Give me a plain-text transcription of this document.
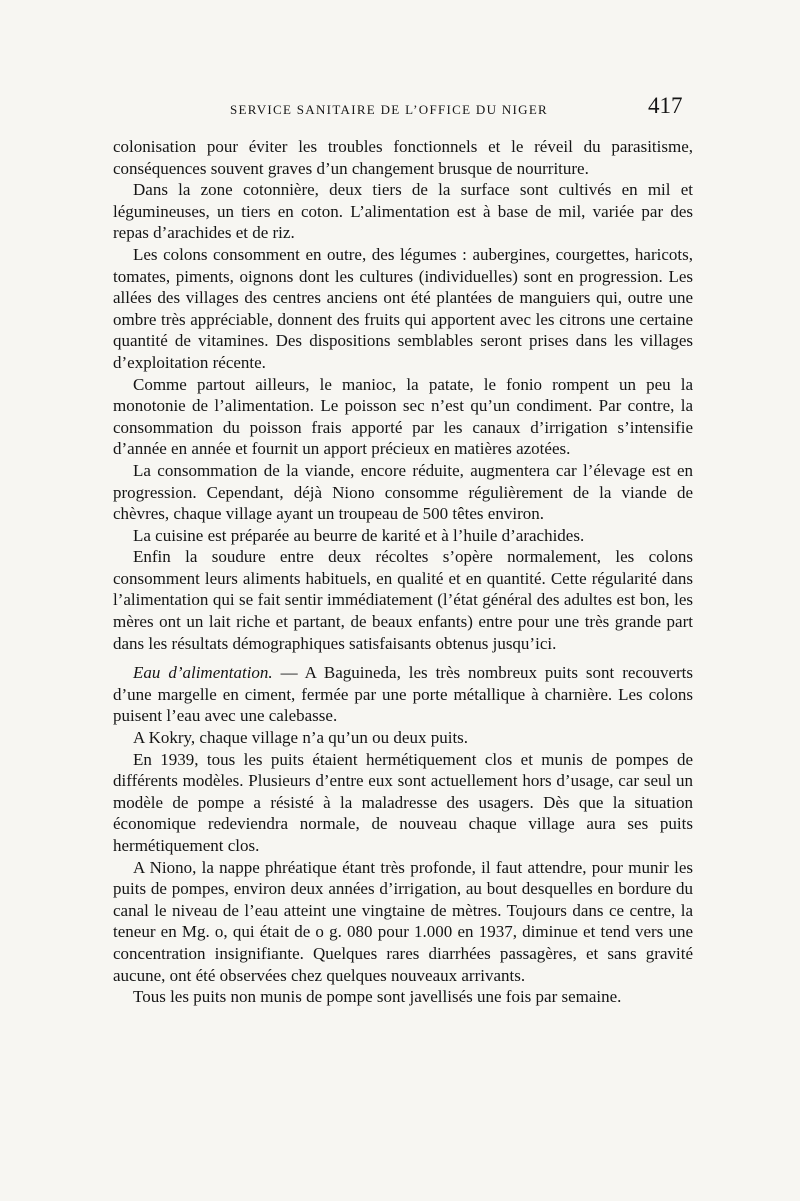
SERVICE SANITAIRE DE L’OFFICE DU NIGER	417

colonisation pour éviter les troubles fonctionnels et le réveil du parasitisme, conséquences souvent graves d’un changement brusque de nourriture.

Dans la zone cotonnière, deux tiers de la surface sont cultivés en mil et légumineuses, un tiers en coton. L’alimentation est à base de mil, variée par des repas d’arachides et de riz.

Les colons consomment en outre, des légumes : aubergines, courgettes, haricots, tomates, piments, oignons dont les cultures (individuelles) sont en progression. Les allées des villages des centres anciens ont été plantées de manguiers qui, outre une ombre très appréciable, donnent des fruits qui apportent avec les citrons une certaine quantité de vitamines. Des dispositions semblables seront prises dans les villages d’exploitation récente.

Comme partout ailleurs, le manioc, la patate, le fonio rompent un peu la monotonie de l’alimentation. Le poisson sec n’est qu’un condiment. Par contre, la consommation du poisson frais apporté par les canaux d’irrigation s’intensifie d’année en année et fournit un apport précieux en matières azotées.

La consommation de la viande, encore réduite, augmentera car l’élevage est en progression. Cependant, déjà Niono consomme régulièrement de la viande de chèvres, chaque village ayant un troupeau de 500 têtes environ.

La cuisine est préparée au beurre de karité et à l’huile d’arachides.

Enfin la soudure entre deux récoltes s’opère normalement, les colons consomment leurs aliments habituels, en qualité et en quantité. Cette régularité dans l’alimentation qui se fait sentir immédiatement (l’état général des adultes est bon, les mères ont un lait riche et partant, de beaux enfants) entre pour une très grande part dans les résultats démographiques satisfaisants obtenus jusqu’ici.

Eau d’alimentation. — A Baguineda, les très nombreux puits sont recouverts d’une margelle en ciment, fermée par une porte métallique à charnière. Les colons puisent l’eau avec une calebasse.

A Kokry, chaque village n’a qu’un ou deux puits.

En 1939, tous les puits étaient hermétiquement clos et munis de pompes de différents modèles. Plusieurs d’entre eux sont actuellement hors d’usage, car seul un modèle de pompe a résisté à la maladresse des usagers. Dès que la situation économique redeviendra normale, de nouveau chaque village aura ses puits hermétiquement clos.

A Niono, la nappe phréatique étant très profonde, il faut attendre, pour munir les puits de pompes, environ deux années d’irrigation, au bout desquelles en bordure du canal le niveau de l’eau atteint une vingtaine de mètres. Toujours dans ce centre, la teneur en Mg. o, qui était de o g. 080 pour 1.000 en 1937, diminue et tend vers une concentration insignifiante. Quelques rares diarrhées passagères, et sans gravité aucune, ont été observées chez quelques nouveaux arrivants.

Tous les puits non munis de pompe sont javellisés une fois par semaine.
